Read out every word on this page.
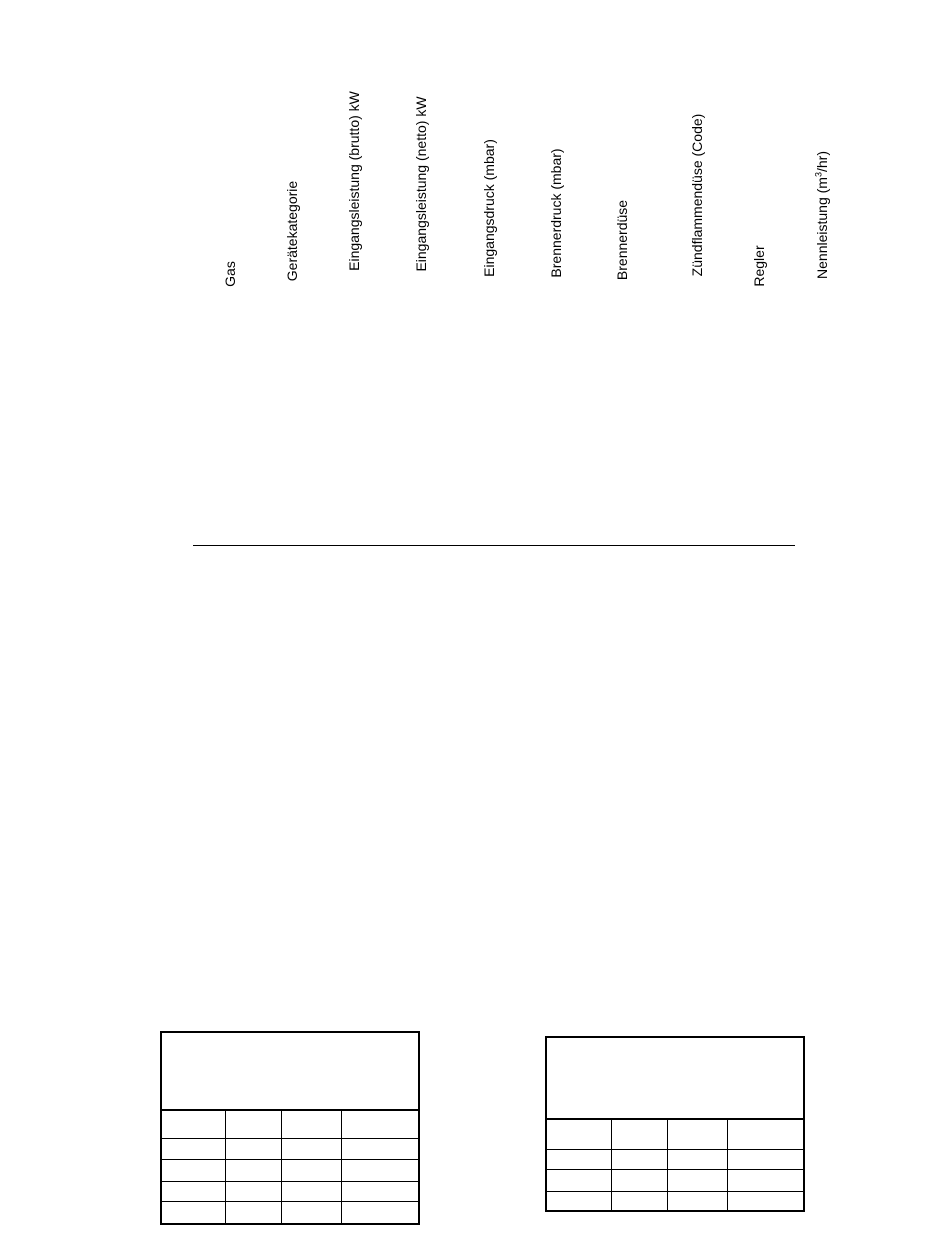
Gas	Gerätekategorie	Eingangsleistung (brutto) kW	Eingangsleistung (netto) kW	Eingangsdruck (mbar)	Brennerdruck (mbar)	Brennerdüse	Zündflammendüse (Code)	Regler	Nennleistung $(m^3/hr)$
